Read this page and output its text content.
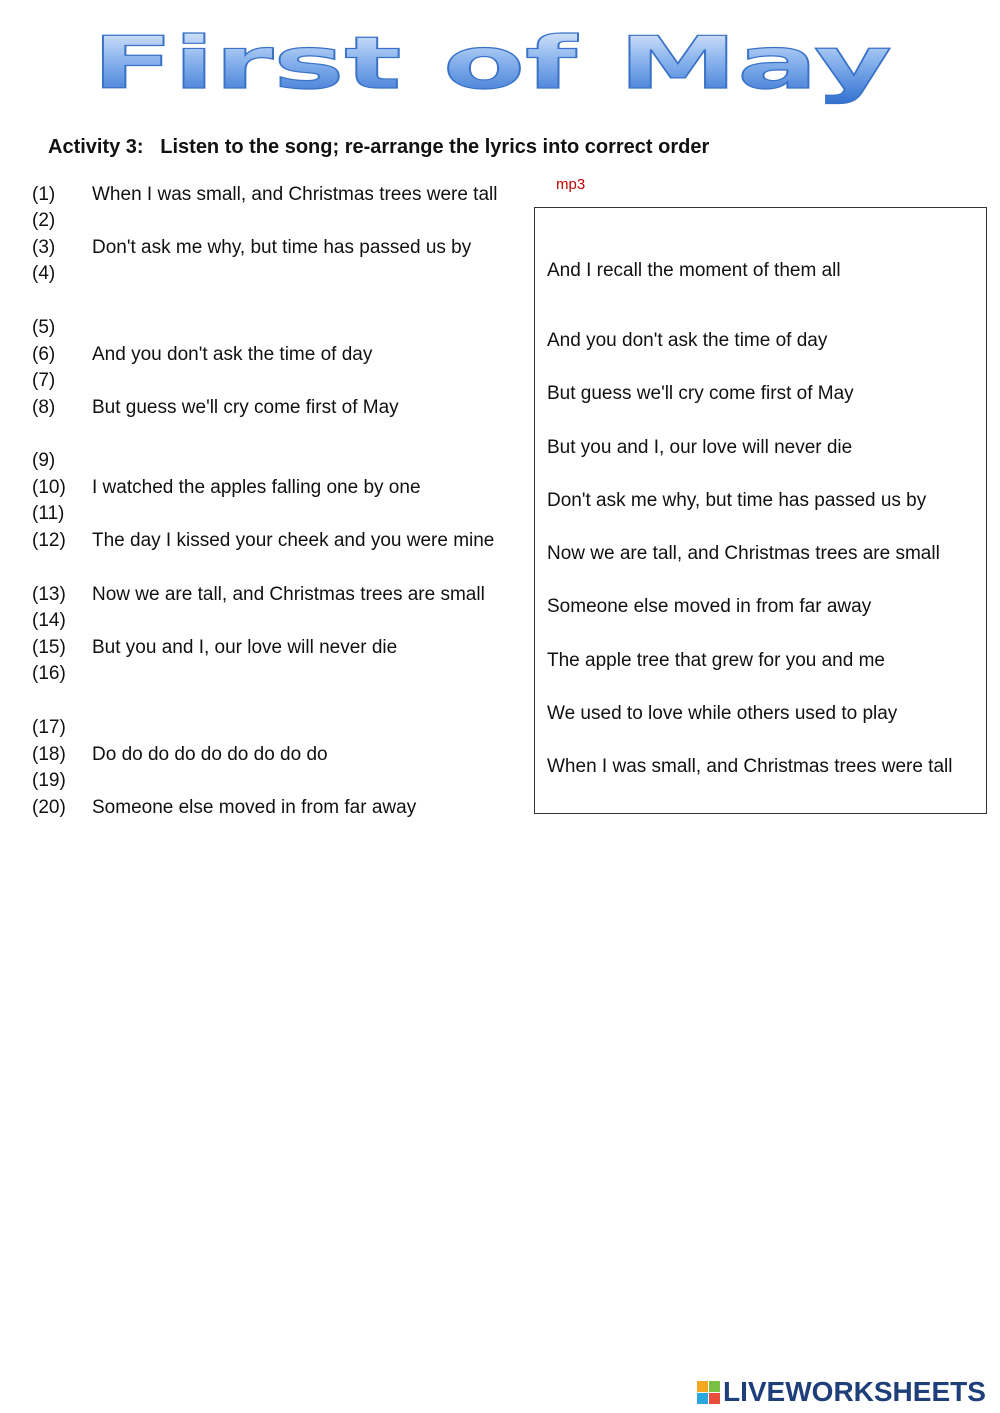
First of May
Activity 3:   Listen to the song; re-arrange the lyrics into correct order
(1) When I was small, and Christmas trees were tall
(2)
(3) Don't ask me why, but time has passed us by
(4)
(5)
(6) And you don't ask the time of day
(7)
(8) But guess we'll cry come first of May
(9)
(10) I watched the apples falling one by one
(11)
(12) The day I kissed your cheek and you were mine
(13) Now we are tall, and Christmas trees are small
(14)
(15) But you and I, our love will never die
(16)
(17)
(18) Do do do do do do do do do
(19)
(20) Someone else moved in from far away
mp3
And I recall the moment of them all
And you don't ask the time of day
But guess we'll cry come first of May
But you and I, our love will never die
Don't ask me why, but time has passed us by
Now we are tall, and Christmas trees are small
Someone else moved in from far away
The apple tree that grew for you and me
We used to love while others used to play
When I was small, and Christmas trees were tall
LIVEWORKSHEETS
